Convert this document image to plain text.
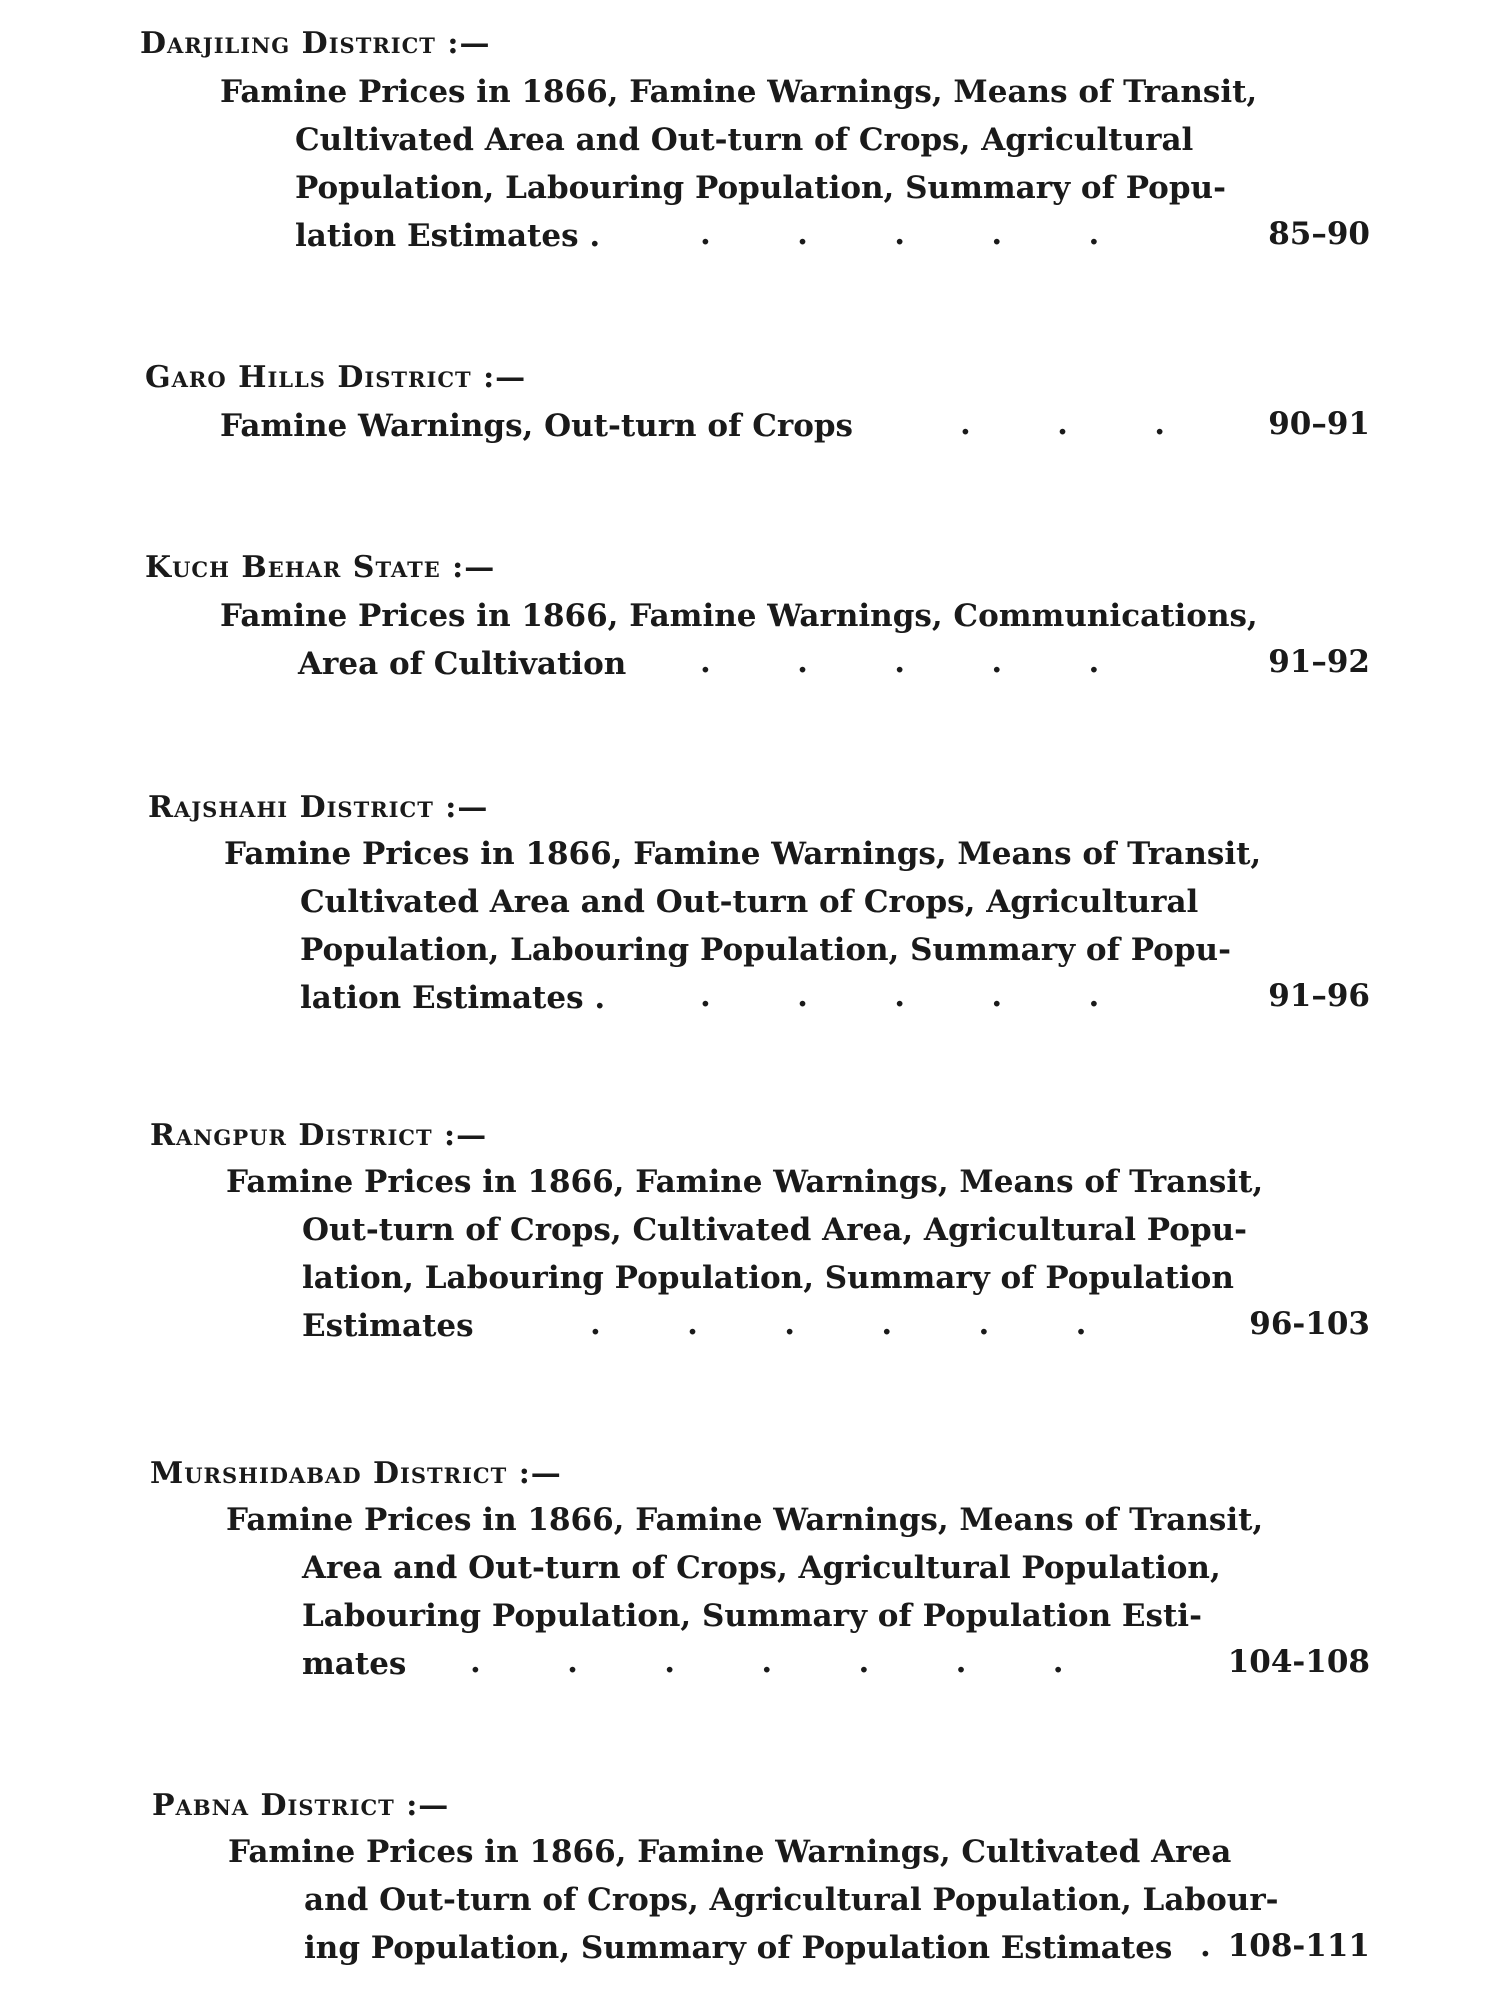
Darjiling District :—
Famine Prices in 1866, Famine Warnings, Means of Transit,
Cultivated Area and Out-turn of Crops, Agricultural
Population, Labouring Population, Summary of Popu-
lation Estimates .	.        .        .        .        .	85–90
Garo Hills District :—
Famine Warnings, Out-turn of Crops	.        .        .	90–91
Kuch Behar State :—
Famine Prices in 1866, Famine Warnings, Communications,
Area of Cultivation .        .        .        .        .	91–92
Rajshahi District :—
Famine Prices in 1866, Famine Warnings, Means of Transit,
Cultivated Area and Out-turn of Crops, Agricultural
Population, Labouring Population, Summary of Popu-
lation Estimates .	.        .        .        .        .	91–96
Rangpur District :—
Famine Prices in 1866, Famine Warnings, Means of Transit,
Out-turn of Crops, Cultivated Area, Agricultural Popu-
lation, Labouring Population, Summary of Population
Estimates	.        .        .        .        .        .	96-103
Murshidabad District :—
Famine Prices in 1866, Famine Warnings, Means of Transit,
Area and Out-turn of Crops, Agricultural Population,
Labouring Population, Summary of Population Esti-
mates .        .        .        .        .        .        .	104-108
Pabna District :—
Famine Prices in 1866, Famine Warnings, Cultivated Area
and Out-turn of Crops, Agricultural Population, Labour-
ing Population, Summary of Population Estimates . 108-111
